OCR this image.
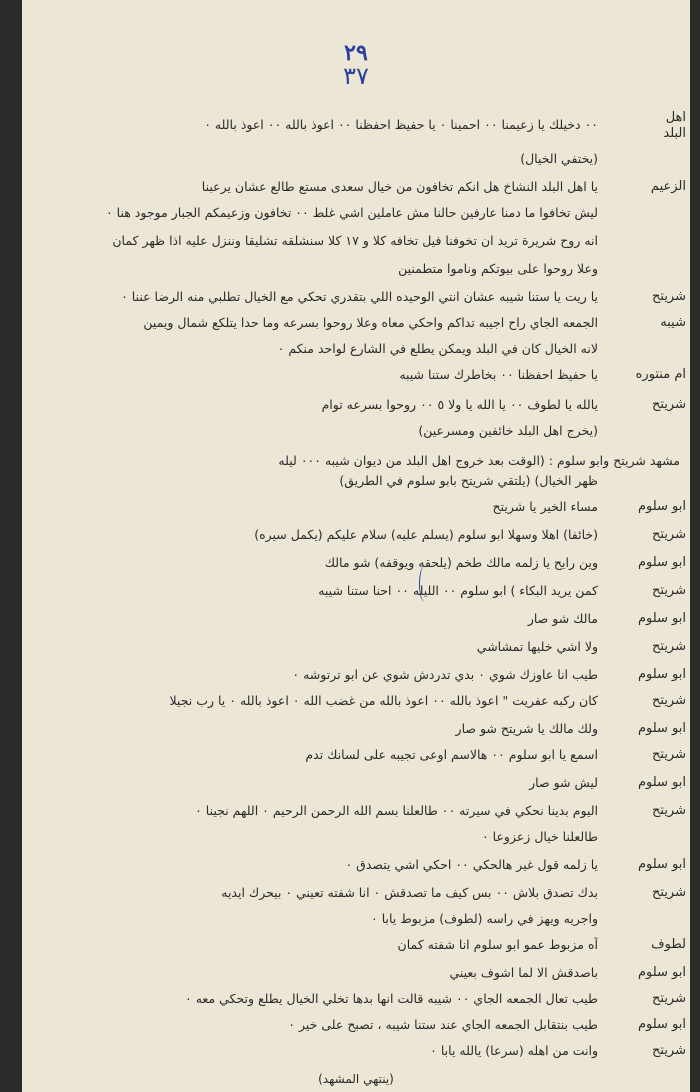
٢٩
٣٧
اهل
البلد
٠٠ دخيلك يا زعيمنا ٠٠ احمينا ٠ يا حفيظ احفظنا ٠٠ اعوذ بالله ٠٠ اعوذ بالله ٠
(يختفي الخيال)
الزعيم
يا اهل البلد النشاخ هل انكم تخافون من خيال سعدى مستع طالع عشان يرعبنا
ليش تخافوا ما دمنا عارفين حالنا مش عاملين اشي غلط ٠٠ تخافون وزعيمكم الجبار موجود هنا ٠
انه روح شريرة تريد ان تخوفنا فيل تخافه كلا و ١٧ كلا سنشلقه تشليقا وننزل عليه اذا ظهر كمان
وعلا روحوا على بيوتكم وناموا متطمنين
شريتح
يا ريت يا ستنا شيبه عشان انتي الوحيده اللي بتقدري تحكي مع الخيال تطلبي منه الرضا عننا ٠
شيبه
الجمعه الجاي راح اجيبه تداكم واحكي معاه وعلا روحوا بسرعه وما حدا يتلكع شمال ويمين
لانه الخيال كان في البلد ويمكن يطلع في الشارع لواحد منكم ٠
ام منتوره
يا حفيظ احفظنا ٠٠ بخاطرك ستنا شيبه
شريتح
يالله يا لطوف ٠٠ يا الله يا ولا ٥ ٠٠ روحوا بسرعه توام
(يخرج اهل البلد خائفين ومسرعين)
مشهد شريتح وابو سلوم : (الوقت بعد خروج اهل البلد من ديوان شيبه ٠٠٠ ليله
ظهر الخيال) (يلتقي شريتح بابو سلوم في الطريق)
ابو سلوم
مساء الخير يا شريتح
شريتح
(خائفا) اهلا وسهلا ابو سلوم (يسلم عليه) سلام عليكم (يكمل سيره)
ابو سلوم
وين رايح يا زلمه مالك طخم (يلحقه ويوقفه) شو مالك
شريتح
كمن يريد البكاء ) ابو سلوم ٠٠ الليله ٠٠ احنا ستنا شيبه
ابو سلوم
مالك شو صار
شريتح
ولا اشي خليها تمشاشي
ابو سلوم
طيب انا عاوزك شوي ٠ بدي تدردش شوي عن ابو ترتوشه ٠
شريتح
كان ركبه عفريت " اعوذ بالله ٠٠ اعوذ بالله من غضب الله ٠ اعوذ بالله ٠ يا رب نجيلا
ابو سلوم
ولك مالك يا شريتح شو صار
شريتح
اسمع يا ابو سلوم ٠٠ هالاسم اوعى تجيبه على لسانك تدم
ابو سلوم
ليش شو صار
شريتح
اليوم بدينا نحكي في سيرته ٠٠ طالعلنا بسم الله الرحمن الرحيم ٠ اللهم نجينا ٠
طالعلنا خيال زعزوعا ٠
ابو سلوم
يا زلمه قول غير هالحكي ٠٠ احكي اشي يتصدق ٠
شريتح
بدك تصدق بلاش ٠٠ بس كيف ما تصدقش ٠ انا شفته تعيني ٠ بيحرك ايديه
واجريه ويهز في راسه (لطوف) مزبوط يابا ٠
لطوف
آه مزبوط عمو ابو سلوم انا شفته كمان
ابو سلوم
باصدقش الا لما اشوف بعيني
شريتح
طيب تعال الجمعه الجاي ٠٠ شيبه قالت انها بدها تخلي الخيال يطلع وتحكي معه ٠
ابو سلوم
طيب بنتقابل الجمعه الجاي عند ستنا شيبه ، تصبح على خير ٠
شريتح
وانت من اهله (سرعا) يالله يابا ٠
(ينتهي المشهد)
